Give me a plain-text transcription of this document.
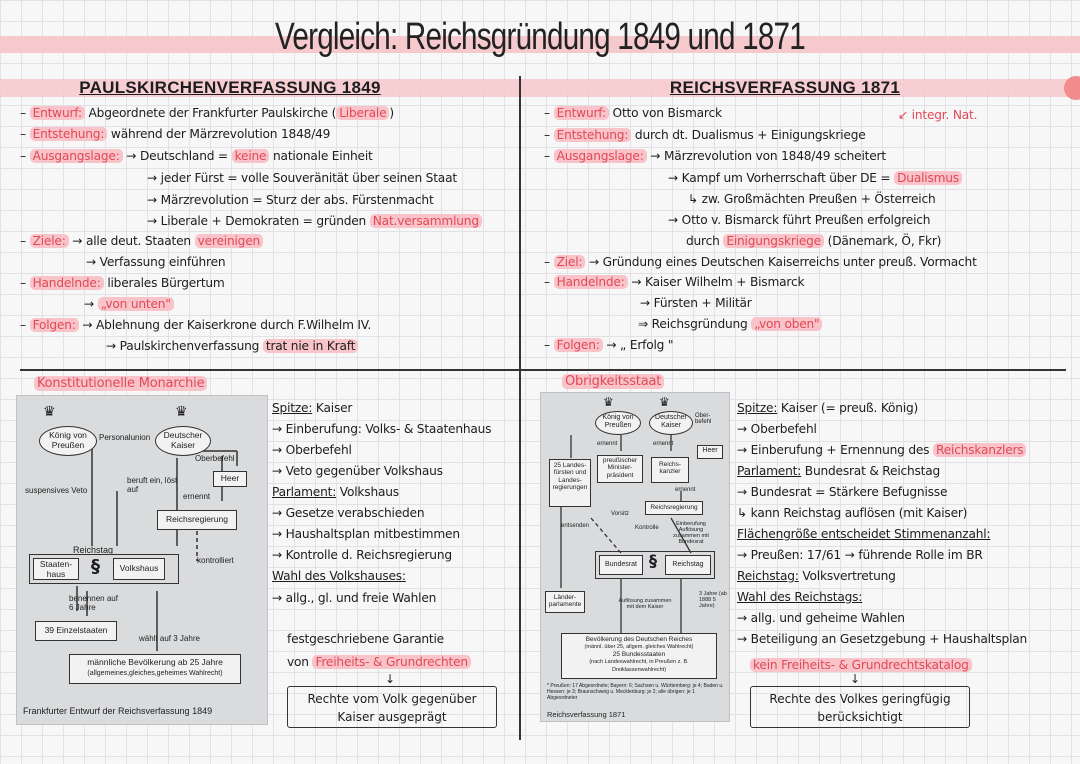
Vergleich: Reichsgründung 1849 und 1871
PAULSKIRCHENVERFASSUNG 1849	REICHSVERFASSUNG 1871
↙ integr. Nat.
– Entwurf: Abgeordnete der Frankfurter Paulskirche ( Liberale )
– Entstehung: während der Märzrevolution 1848/49
– Ausgangslage: → Deutschland = keine nationale Einheit
→ jeder Fürst = volle Souveränität über seinen Staat
→ Märzrevolution = Sturz der abs. Fürstenmacht
→ Liberale + Demokraten = gründen Nat.versammlung
– Ziele: → alle deut. Staaten vereinigen
→ Verfassung einführen
– Handelnde: liberales Bürgertum
→ „von unten"
– Folgen: → Ablehnung der Kaiserkrone durch F.Wilhelm IV.
→ Paulskirchenverfassung trat nie in Kraft
– Entwurf: Otto von Bismarck
– Entstehung: durch dt. Dualismus + Einigungskriege
– Ausgangslage: → Märzrevolution von 1848/49 scheitert
→ Kampf um Vorherrschaft über DE = Dualismus
↳ zw. Großmächten Preußen + Österreich
→ Otto v. Bismarck führt Preußen erfolgreich
durch Einigungskriege (Dänemark, Ö, Fkr)
– Ziel: → Gründung eines Deutschen Kaiserreichs unter preuß. Vormacht
– Handelnde: → Kaiser Wilhelm + Bismarck
→ Fürsten + Militär
⇒ Reichsgründung „von oben"
– Folgen: → „ Erfolg "
Konstitutionelle Monarchie
♛	♛
König von Preußen
Personalunion	Deutscher Kaiser
Oberbefehl
Heer
suspensives Veto
beruft ein, löst auf
ernennt
Reichsregierung
kontrolliert
Reichstag
Staaten-haus	§	Volkshaus
benennen auf 6 Jahre
39 Einzelstaaten
wählt auf 3 Jahre
männliche Bevölkerung ab 25 Jahre
(allgemeines,gleiches,geheimes Wahlrecht)
Frankfurter Entwurf der Reichsverfassung 1849
Spitze: Kaiser
→ Einberufung: Volks- & Staatenhaus
→ Oberbefehl
→ Veto gegenüber Volkshaus
Parlament: Volkshaus
→ Gesetze verabschieden
→ Haushaltsplan mitbestimmen
→ Kontrolle d. Reichsregierung
Wahl des Volkshauses:
→ allg., gl. und freie Wahlen
festgeschriebene Garantie
von Freiheits- & Grundrechten
↓
Rechte vom Volk gegenüber Kaiser ausgeprägt
Obrigkeitsstaat
♛	♛
König von Preußen
Deutscher Kaiser
Ober-befehl
Heer
ernennt	ernennt
25 Landes-fürsten und Landes-regierungen
preußischer Minister-präsident
Reichs-kanzler
ernennt
Reichsregierung
Vorsitz
entsenden	Kontrolle
Einberufung Auflösung zusammen mit Bundesrat
Bundesrat §	Reichstag
Länder-parlamente
Auflösung zusammen mit dem Kaiser
3 Jahre (ab 1888 5 Jahre)
Bevölkerung des Deutschen Reiches
(männl. über 25, allgem. gleiches Wahlrecht)
25 Bundesstaaten
(nach Landeswahlrecht, in Preußen z. B. Dreiklassenwahlrecht)
* Preußen: 17 Abgeordnete; Bayern: 6; Sachsen u. Württemberg: je 4; Baden u. Hessen: je 3; Braunschweig u. Mecklenburg: je 2; alle übrigen: je 1 Abgeordneter
Reichsverfassung 1871
Spitze: Kaiser (= preuß. König)
→ Oberbefehl
→ Einberufung + Ernennung des Reichskanzlers
Parlament: Bundesrat & Reichstag
→ Bundesrat = Stärkere Befugnisse
↳ kann Reichstag auflösen (mit Kaiser)
Flächengröße entscheidet Stimmenanzahl:
→ Preußen: 17/61 → führende Rolle im BR
Reichstag: Volksvertretung
Wahl des Reichstags:
→ allg. und geheime Wahlen
→ Beteiligung an Gesetzgebung + Haushaltsplan
kein Freiheits- & Grundrechtskatalog
↓
Rechte des Volkes geringfügig berücksichtigt
